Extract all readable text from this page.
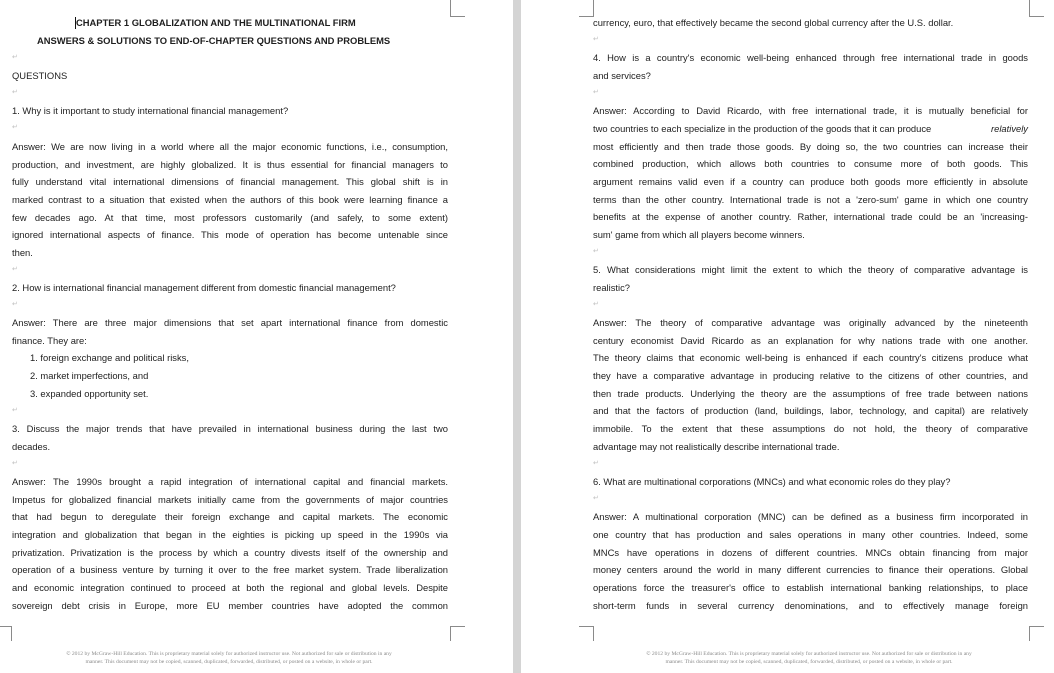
CHAPTER 1 GLOBALIZATION AND THE MULTINATIONAL FIRM
ANSWERS & SOLUTIONS TO END-OF-CHAPTER QUESTIONS AND PROBLEMS
↵
QUESTIONS
↵
1. Why is it important to study international financial management?
↵
Answer: We are now living in a world where all the major economic functions, i.e., consumption,
production, and investment, are highly globalized. It is thus essential for financial managers to
fully understand vital international dimensions of financial management. This global shift is in
marked contrast to a situation that existed when the authors of this book were learning finance a
few decades ago. At that time, most professors customarily (and safely, to some extent)
ignored international aspects of finance. This mode of operation has become untenable since
then.
↵
2. How is international financial management different from domestic financial management?
↵
Answer: There are three major dimensions that set apart international finance from domestic
finance. They are:
1. foreign exchange and political risks,
2. market imperfections, and
3. expanded opportunity set.
↵
3. Discuss the major trends that have prevailed in international business during the last two
decades.
↵
Answer: The 1990s brought a rapid integration of international capital and financial markets.
Impetus for globalized financial markets initially came from the governments of major countries
that had begun to deregulate their foreign exchange and capital markets. The economic
integration and globalization that began in the eighties is picking up speed in the 1990s via
privatization. Privatization is the process by which a country divests itself of the ownership and
operation of a business venture by turning it over to the free market system. Trade liberalization
and economic integration continued to proceed at both the regional and global levels. Despite
sovereign debt crisis in Europe, more EU member countries have adopted the common
© 2012 by McGraw-Hill Education. This is proprietary material solely for authorized instructor use. Not authorized for sale or distribution in any
manner. This document may not be copied, scanned, duplicated, forwarded, distributed, or posted on a website, in whole or part.
currency, euro, that effectively became the second global currency after the U.S. dollar.
↵
4. How is a country's economic well-being enhanced through free international trade in goods
and services?
↵
Answer: According to David Ricardo, with free international trade, it is mutually beneficial for
two countries to each specialize in the production of the goods that it can produce	relatively
most efficiently and then trade those goods. By doing so, the two countries can increase their
combined production, which allows both countries to consume more of both goods. This
argument remains valid even if a country can produce both goods more efficiently in absolute
terms than the other country. International trade is not a 'zero-sum' game in which one country
benefits at the expense of another country. Rather, international trade could be an 'increasing-
sum' game from which all players become winners.
↵
5. What considerations might limit the extent to which the theory of comparative advantage is
realistic?
↵
Answer: The theory of comparative advantage was originally advanced by the nineteenth
century economist David Ricardo as an explanation for why nations trade with one another.
The theory claims that economic well-being is enhanced if each country's citizens produce what
they have a comparative advantage in producing relative to the citizens of other countries, and
then trade products. Underlying the theory are the assumptions of free trade between nations
and that the factors of production (land, buildings, labor, technology, and capital) are relatively
immobile. To the extent that these assumptions do not hold, the theory of comparative
advantage may not realistically describe international trade.
↵
6. What are multinational corporations (MNCs) and what economic roles do they play?
↵
Answer: A multinational corporation (MNC) can be defined as a business firm incorporated in
one country that has production and sales operations in many other countries. Indeed, some
MNCs have operations in dozens of different countries. MNCs obtain financing from major
money centers around the world in many different currencies to finance their operations. Global
operations force the treasurer's office to establish international banking relationships, to place
short-term funds in several currency denominations, and to effectively manage foreign
© 2012 by McGraw-Hill Education. This is proprietary material solely for authorized instructor use. Not authorized for sale or distribution in any
manner. This document may not be copied, scanned, duplicated, forwarded, distributed, or posted on a website, in whole or part.
